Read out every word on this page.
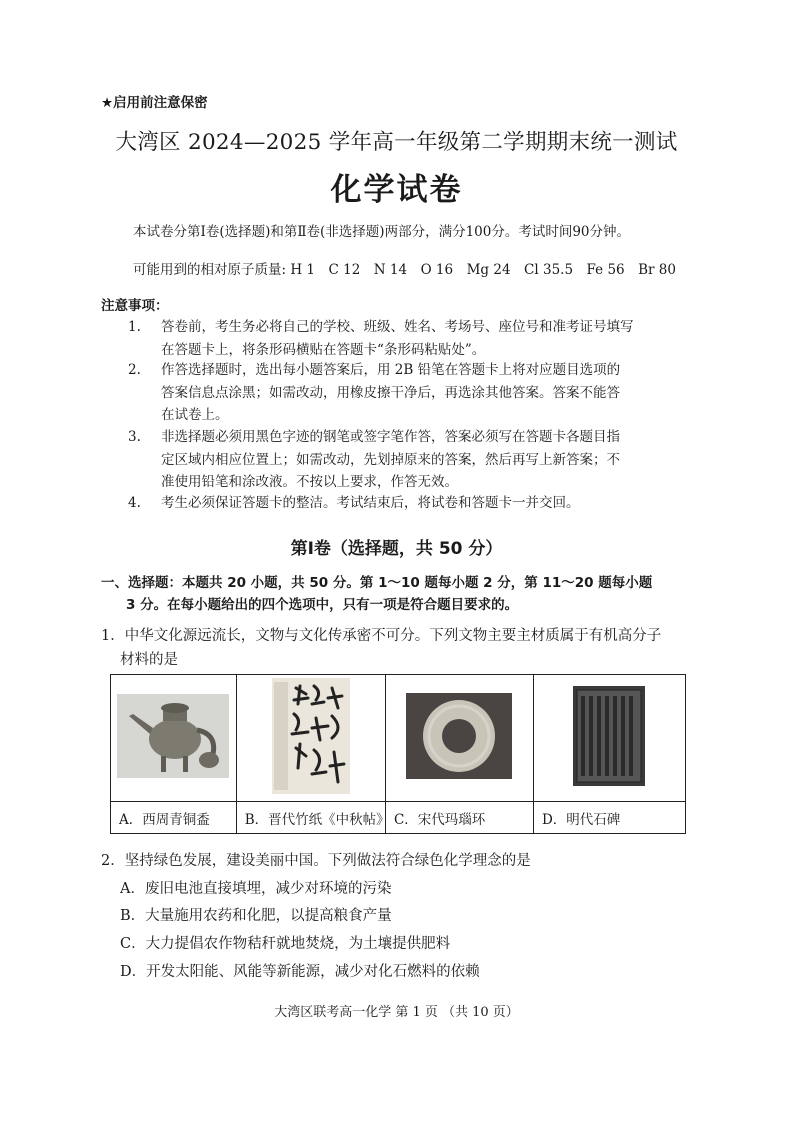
★启用前注意保密
大湾区 2024—2025 学年高一年级第二学期期末统一测试
化学试卷
本试卷分第Ⅰ卷(选择题)和第Ⅱ卷(非选择题)两部分，满分100分。考试时间90分钟。
可能用到的相对原子质量: H 1　C 12　N 14　O 16　Mg 24　Cl 35.5　Fe 56　Br 80
注意事项：
1. 答卷前，考生务必将自己的学校、班级、姓名、考场号、座位号和准考证号填写
在答题卡上，将条形码横贴在答题卡“条形码粘贴处”。
2. 作答选择题时，选出每小题答案后，用 2B 铅笔在答题卡上将对应题目选项的
答案信息点涂黑；如需改动，用橡皮擦干净后，再选涂其他答案。答案不能答
在试卷上。
3. 非选择题必须用黑色字迹的钢笔或签字笔作答，答案必须写在答题卡各题目指
定区域内相应位置上；如需改动，先划掉原来的答案，然后再写上新答案；不
准使用铅笔和涂改液。不按以上要求，作答无效。
4. 考生必须保证答题卡的整洁。考试结束后，将试卷和答题卡一并交回。
第Ⅰ卷（选择题，共 50 分）
一、选择题：本题共 20 小题，共 50 分。第 1～10 题每小题 2 分，第 11～20 题每小题
3 分。在每小题给出的四个选项中，只有一项是符合题目要求的。
1．中华文化源远流长，文物与文化传承密不可分。下列文物主要主材质属于有机高分子
材料的是

A．西周青铜盉	B．晋代竹纸《中秋帖》	C．宋代玛瑙环	D．明代石碑
2．坚持绿色发展，建设美丽中国。下列做法符合绿色化学理念的是
A．废旧电池直接填埋，减少对环境的污染
B．大量施用农药和化肥，以提高粮食产量
C．大力提倡农作物秸秆就地焚烧，为土壤提供肥料
D．开发太阳能、风能等新能源，减少对化石燃料的依赖
大湾区联考高一化学 第 1 页 （共 10 页）
